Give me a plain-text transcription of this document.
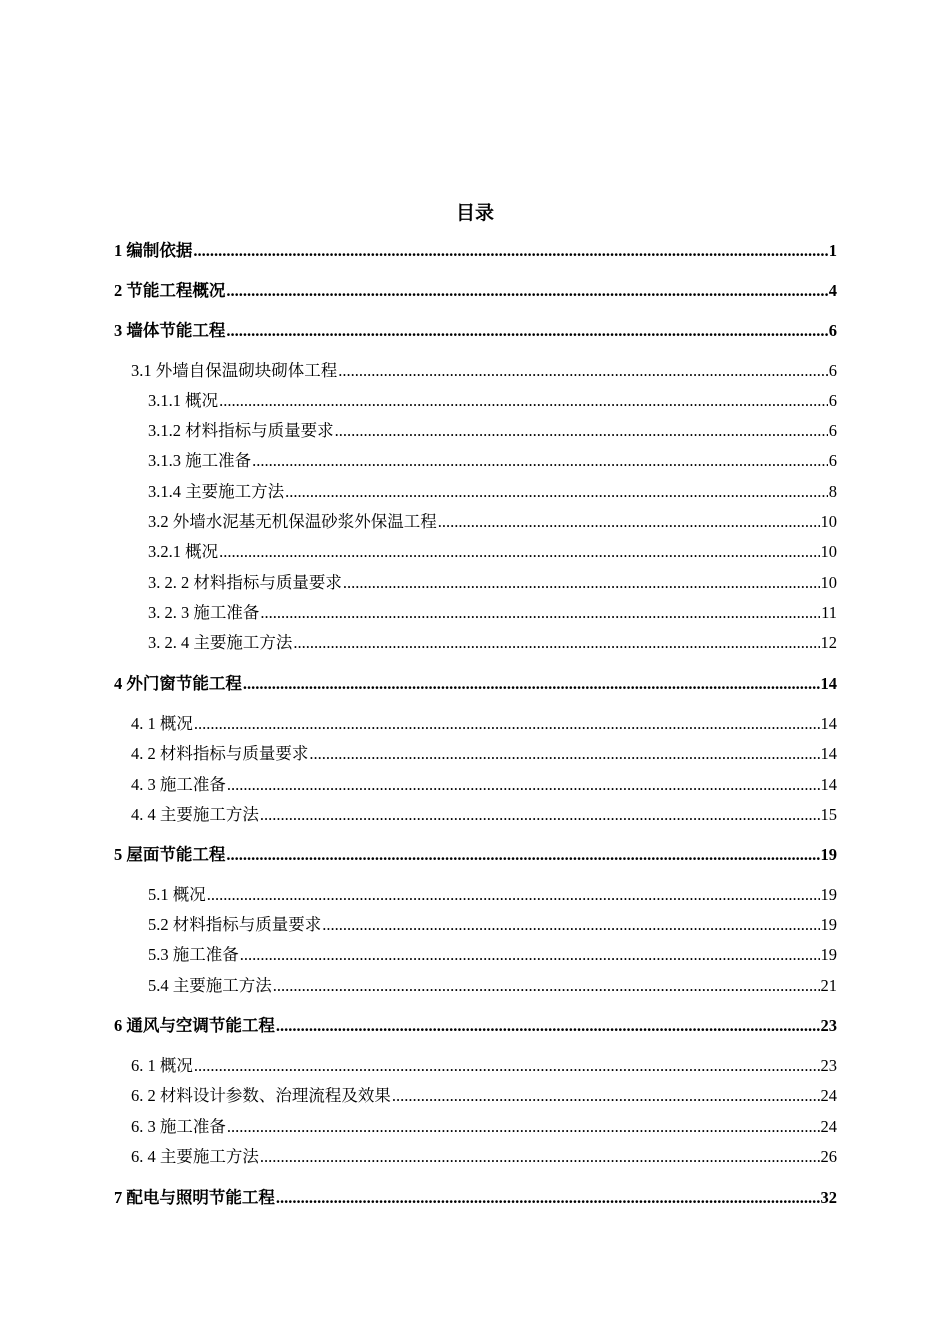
目录
1 编制依据 .....	1
2 节能工程概况 .....	4
3 墙体节能工程 .....	6
3.1 外墙自保温砌块砌体工程 .....	6
3.1.1 概况 .....	6
3.1.2 材料指标与质量要求 .....	6
3.1.3 施工准备 .....	6
3.1.4 主要施工方法 .....	8
3.2 外墙水泥基无机保温砂浆外保温工程 .....	10
3.2.1 概况 .....	10
3. 2. 2 材料指标与质量要求 .....	10
3. 2. 3 施工准备 .....	11
3. 2. 4 主要施工方法 .....	12
4 外门窗节能工程 .....	14
4. 1 概况 .....	14
4. 2 材料指标与质量要求 .....	14
4. 3 施工准备 .....	14
4. 4 主要施工方法 .....	15
5 屋面节能工程 .....	19
5.1 概况 .....	19
5.2 材料指标与质量要求 .....	19
5.3 施工准备 .....	19
5.4 主要施工方法 .....	21
6 通风与空调节能工程 .....	23
6. 1 概况 .....	23
6. 2 材料设计参数、治理流程及效果 .....	24
6. 3 施工准备 .....	24
6. 4 主要施工方法 .....	26
7 配电与照明节能工程 .....	32
